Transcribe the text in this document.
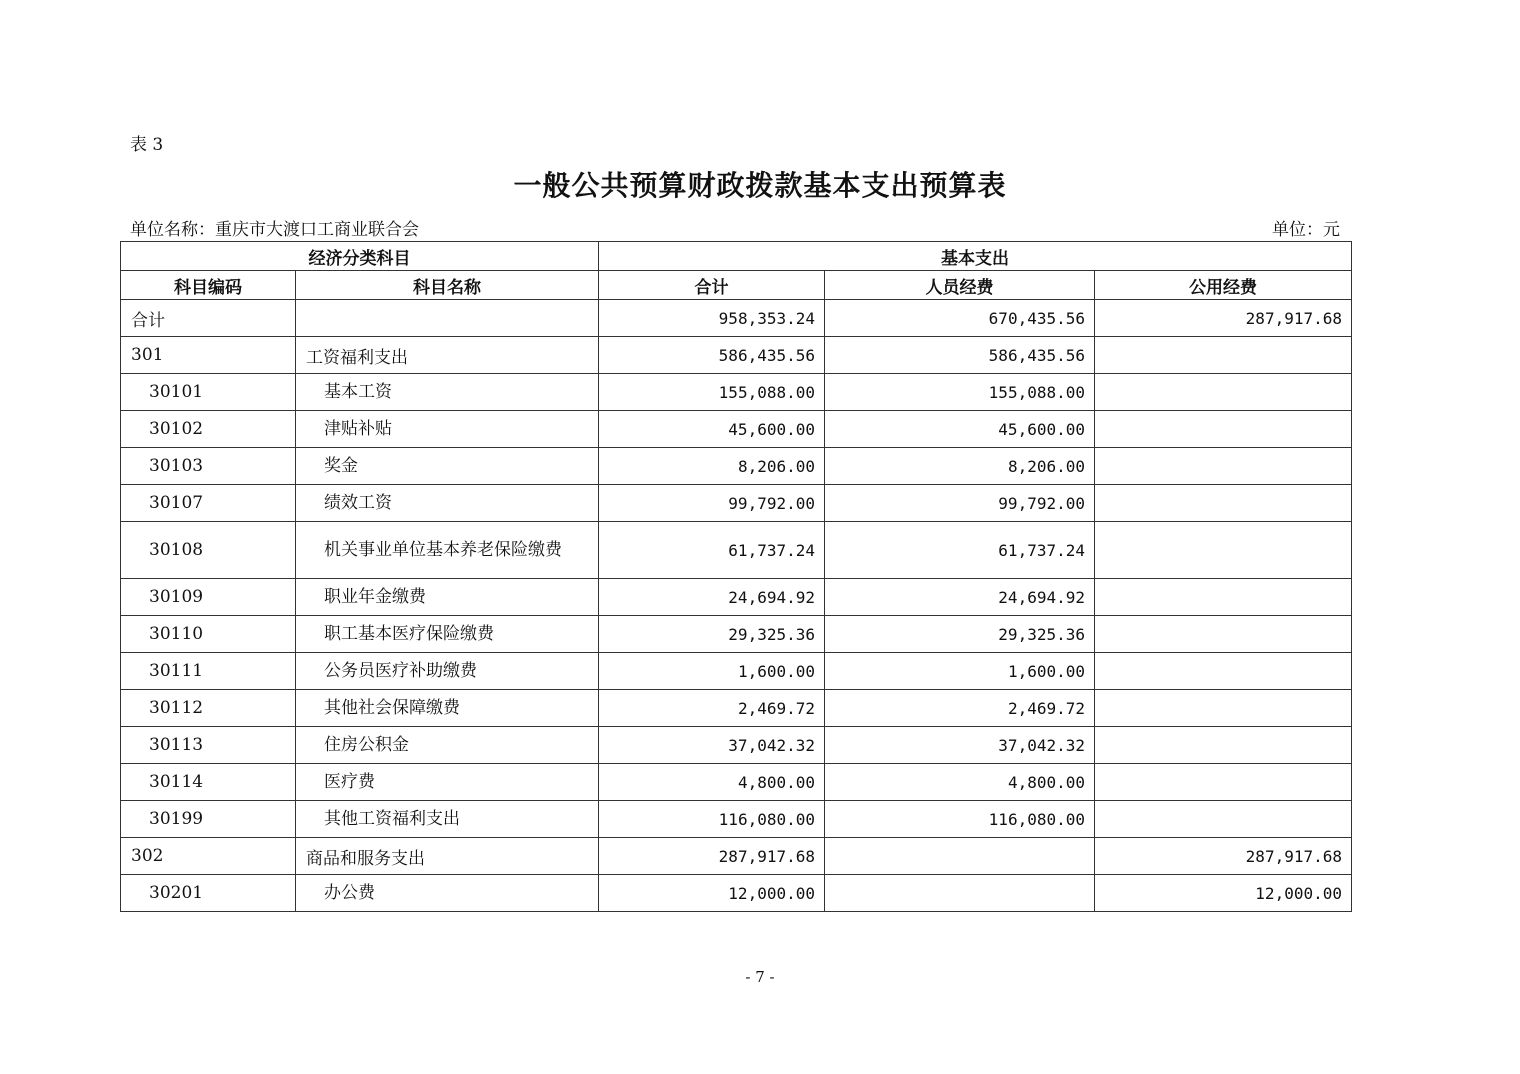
表 3
一般公共预算财政拨款基本支出预算表
单位名称：重庆市大渡口工商业联合会	单位：元
经济分类科目		基本支出		
科目编码	科目名称	合计	人员经费	公用经费
合计		958,353.24	670,435.56	287,917.68
301	工资福利支出	586,435.56	586,435.56	
30101	基本工资	155,088.00	155,088.00	
30102	津贴补贴	45,600.00	45,600.00	
30103	奖金	8,206.00	8,206.00	
30107	绩效工资	99,792.00	99,792.00	
30108	机关事业单位基本养老保险缴费	61,737.24	61,737.24	
30109	职业年金缴费	24,694.92	24,694.92	
30110	职工基本医疗保险缴费	29,325.36	29,325.36	
30111	公务员医疗补助缴费	1,600.00	1,600.00	
30112	其他社会保障缴费	2,469.72	2,469.72	
30113	住房公积金	37,042.32	37,042.32	
30114	医疗费	4,800.00	4,800.00	
30199	其他工资福利支出	116,080.00	116,080.00	
302	商品和服务支出	287,917.68		287,917.68
30201	办公费	12,000.00		12,000.00
- 7 -
